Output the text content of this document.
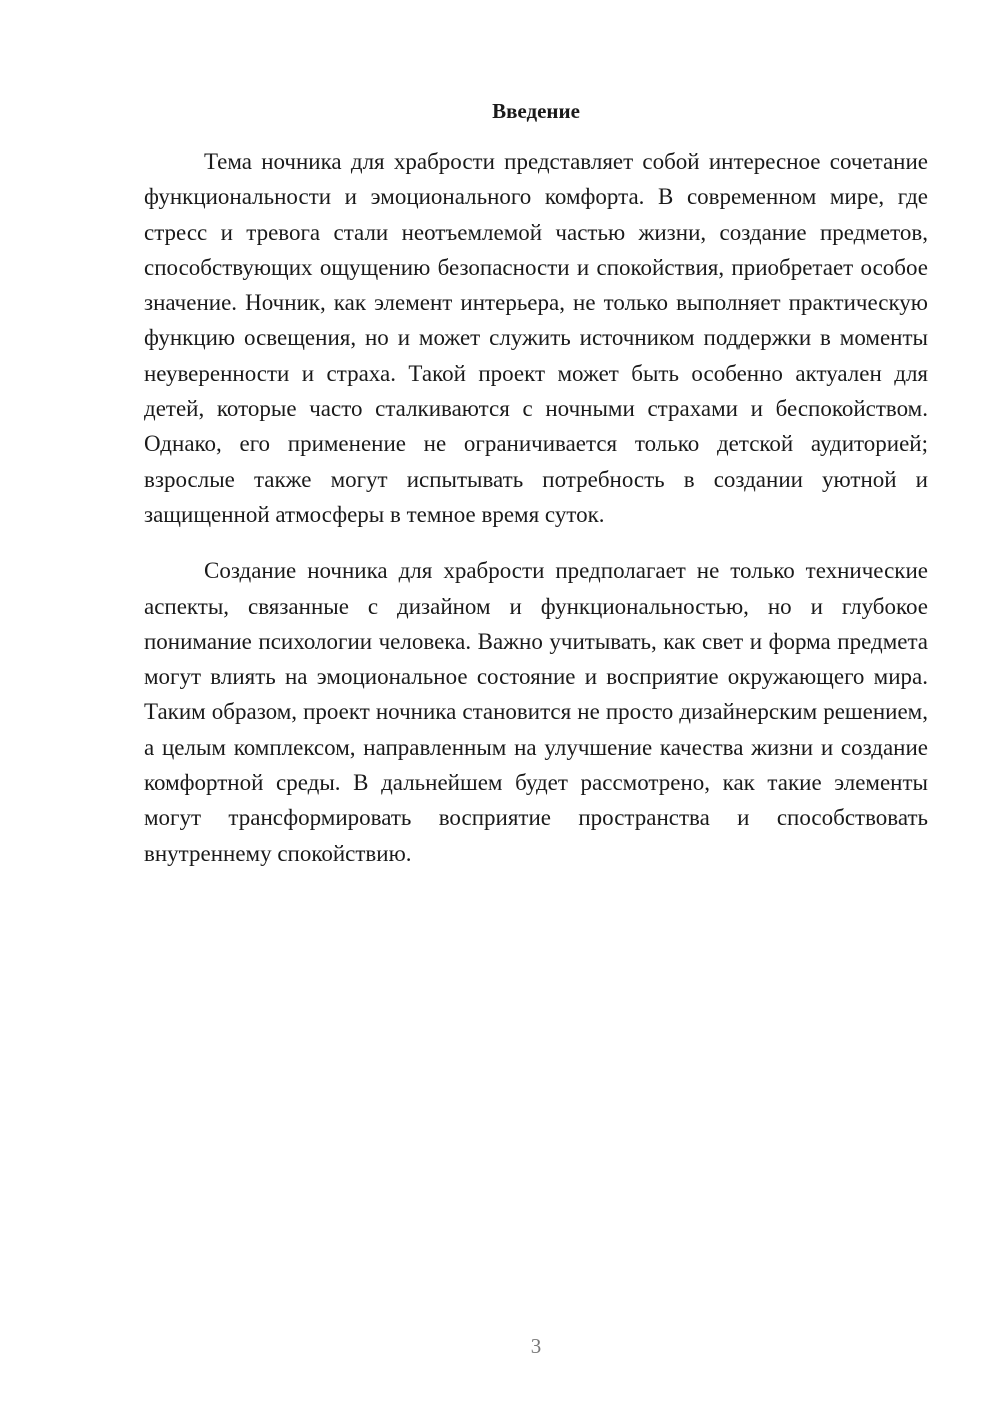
Введение

Тема ночника для храбрости представляет собой интересное сочетание функциональности и эмоционального комфорта. В современном мире, где стресс и тревога стали неотъемлемой частью жизни, создание предметов, способствующих ощущению безопасности и спокойствия, приобретает особое значение. Ночник, как элемент интерьера, не только выполняет практическую функцию освещения, но и может служить источником поддержки в моменты неуверенности и страха. Такой проект может быть особенно актуален для детей, которые часто сталкиваются с ночными страхами и беспокойством. Однако, его применение не ограничивается только детской аудиторией; взрослые также могут испытывать потребность в создании уютной и защищенной атмосферы в темное время суток.

Создание ночника для храбрости предполагает не только технические аспекты, связанные с дизайном и функциональностью, но и глубокое понимание психологии человека. Важно учитывать, как свет и форма предмета могут влиять на эмоциональное состояние и восприятие окружающего мира. Таким образом, проект ночника становится не просто дизайнерским решением, а целым комплексом, направленным на улучшение качества жизни и создание комфортной среды. В дальнейшем будет рассмотрено, как такие элементы могут трансформировать восприятие пространства и способствовать внутреннему спокойствию.

3
